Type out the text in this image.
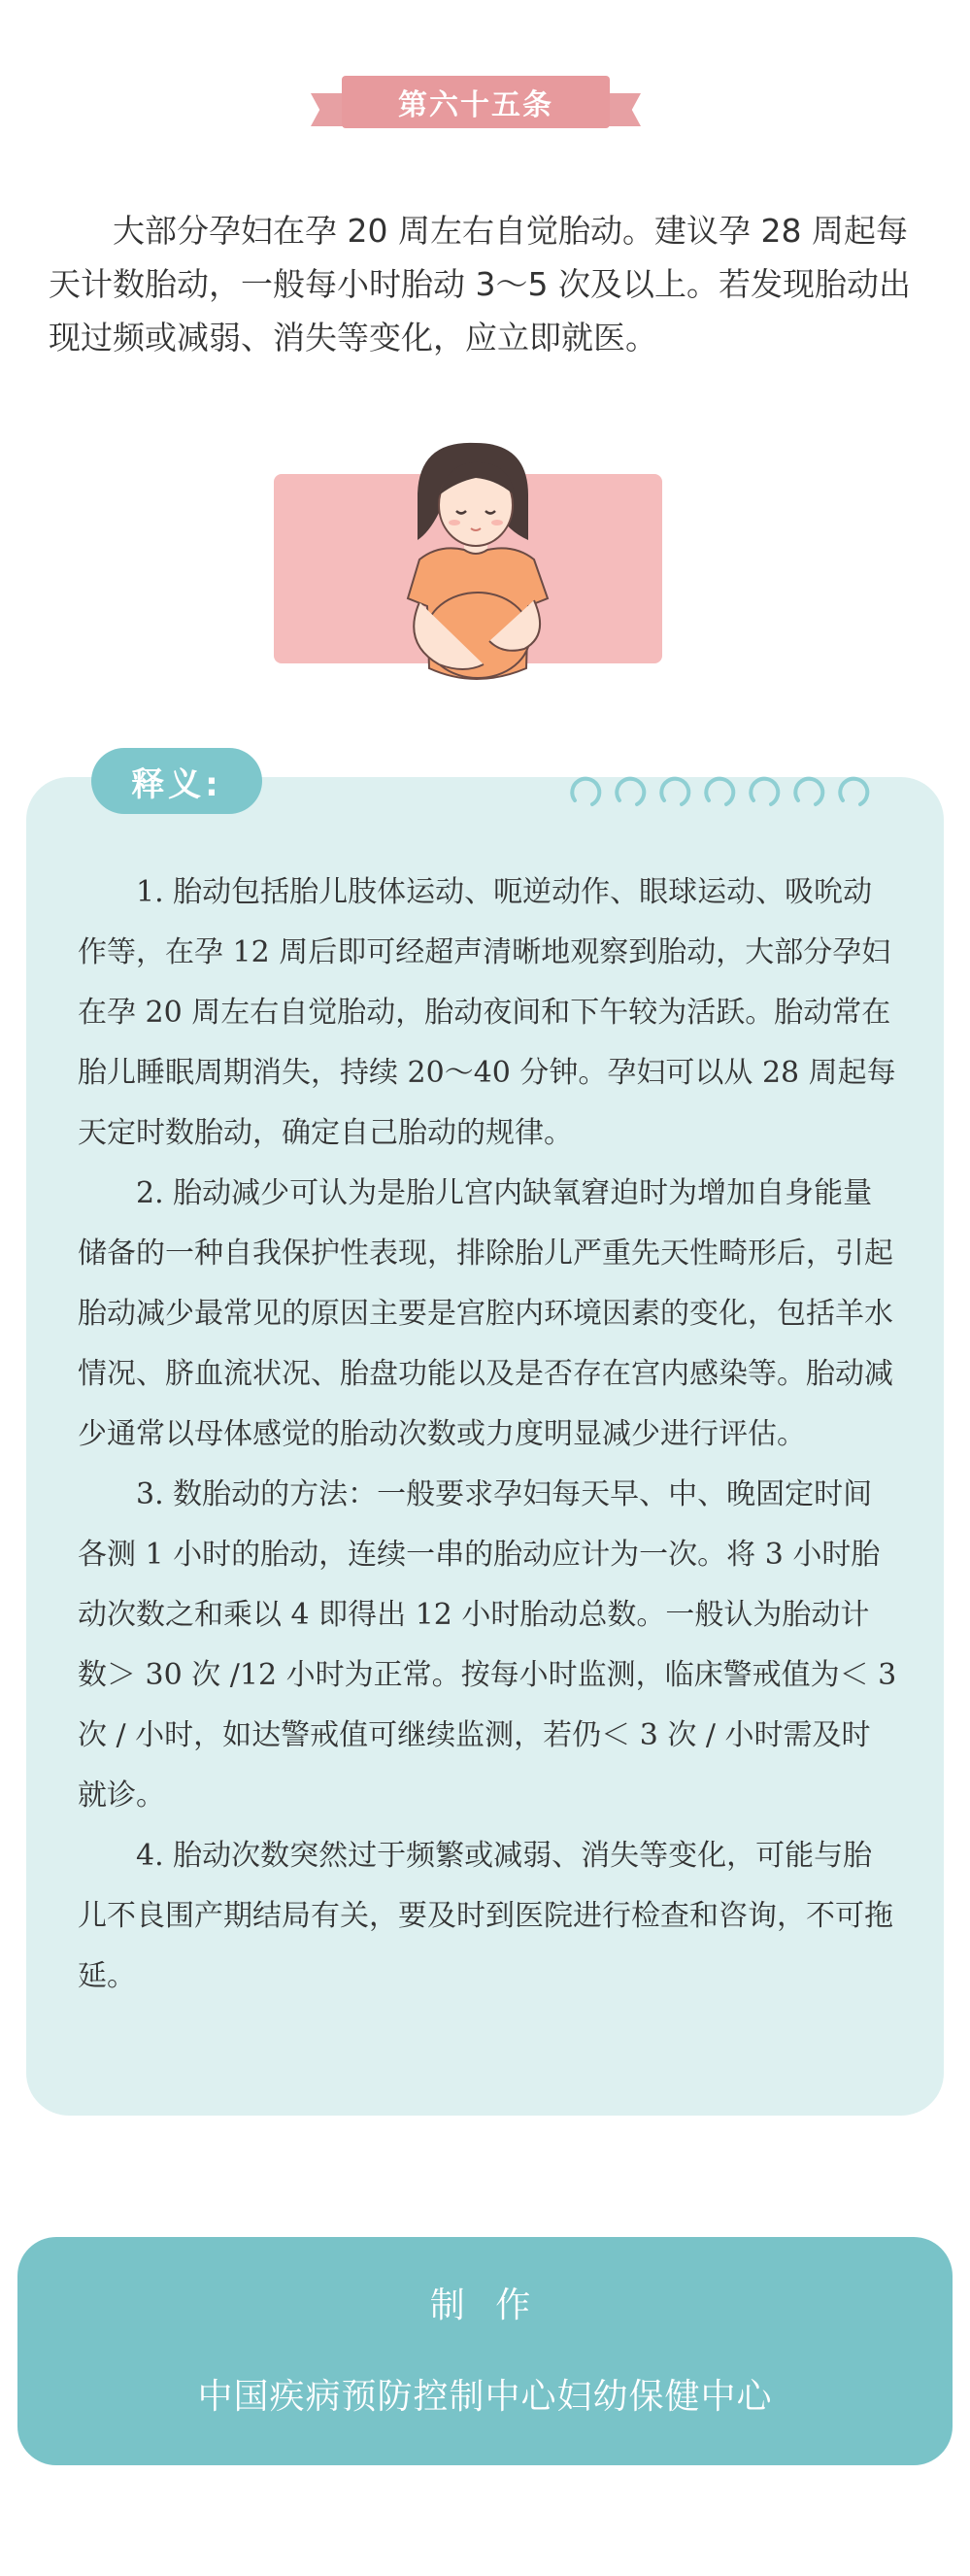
第六十五条

大部分孕妇在孕 20 周左右自觉胎动。建议孕 28 周起每天计数胎动，一般每小时胎动 3～5 次及以上。若发现胎动出现过频或减弱、消失等变化，应立即就医。

释义:

1. 胎动包括胎儿肢体运动、呃逆动作、眼球运动、吸吮动作等，在孕 12 周后即可经超声清晰地观察到胎动，大部分孕妇在孕 20 周左右自觉胎动，胎动夜间和下午较为活跃。胎动常在胎儿睡眠周期消失，持续 20～40 分钟。孕妇可以从 28 周起每天定时数胎动，确定自己胎动的规律。

2. 胎动减少可认为是胎儿宫内缺氧窘迫时为增加自身能量储备的一种自我保护性表现，排除胎儿严重先天性畸形后，引起胎动减少最常见的原因主要是宫腔内环境因素的变化，包括羊水情况、脐血流状况、胎盘功能以及是否存在宫内感染等。胎动减少通常以母体感觉的胎动次数或力度明显减少进行评估。

3. 数胎动的方法：一般要求孕妇每天早、中、晚固定时间各测 1 小时的胎动，连续一串的胎动应计为一次。将 3 小时胎动次数之和乘以 4 即得出 12 小时胎动总数。一般认为胎动计数＞ 30 次 /12 小时为正常。按每小时监测，临床警戒值为＜ 3 次 / 小时，如达警戒值可继续监测，若仍＜ 3 次 / 小时需及时就诊。

4. 胎动次数突然过于频繁或减弱、消失等变化，可能与胎儿不良围产期结局有关，要及时到医院进行检查和咨询，不可拖延。

制 作
中国疾病预防控制中心妇幼保健中心
